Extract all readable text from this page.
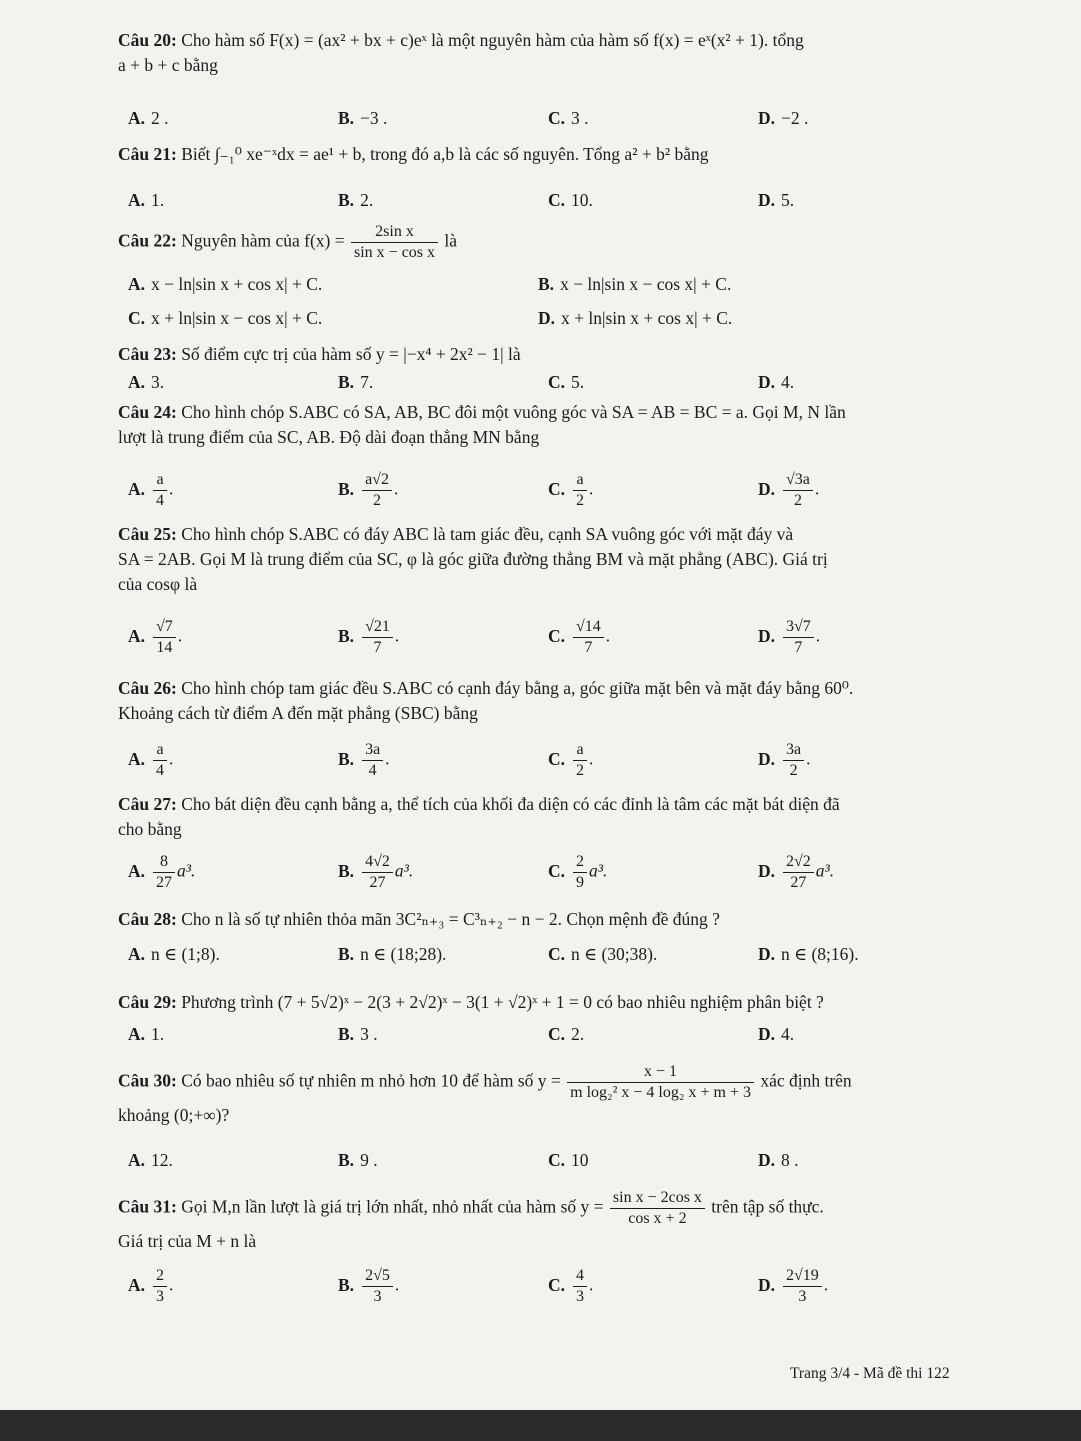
Câu 20: Cho hàm số F(x) = (ax² + bx + c)eˣ là một nguyên hàm của hàm số f(x) = eˣ(x² + 1). tổng
a + b + c bằng
A. 2 .	B. −3 .	C. 3 .	D. −2 .
Câu 21: Biết ∫₋₁⁰ xe⁻ˣdx = ae¹ + b, trong đó a,b là các số nguyên. Tổng a² + b² bằng
A. 1.	B. 2.	C. 10.	D. 5.
Câu 22: Nguyên hàm của $f(x) = \frac{\text{2sin x}}{\text{sin x − cos x}}$ là
A. x − ln|sin x + cos x| + C.	B. x − ln|sin x − cos x| + C.
C. x + ln|sin x − cos x| + C.	D. x + ln|sin x + cos x| + C.
Câu 23: Số điểm cực trị của hàm số y = |−x⁴ + 2x² − 1| là
A. 3.	B. 7.	C. 5.	D. 4.
Câu 24: Cho hình chóp S.ABC có SA, AB, BC đôi một vuông góc và SA = AB = BC = a. Gọi M, N lần
lượt là trung điểm của SC, AB. Độ dài đoạn thẳng MN bằng
A. $\frac{a}{4}$ .	B. $\frac{a√2}{2}$ .	C. $\frac{a}{2}$ .	D. $\frac{√3a}{2}$ .
Câu 25: Cho hình chóp S.ABC có đáy ABC là tam giác đều, cạnh SA vuông góc với mặt đáy và
SA = 2AB. Gọi M là trung điểm của SC, φ là góc giữa đường thẳng BM và mặt phẳng (ABC). Giá trị
của cosφ là
A. $\frac{√7}{14}$ .	B. $\frac{√21}{7}$ .	C. $\frac{√14}{7}$ .	D. $\frac{3√7}{7}$ .
Câu 26: Cho hình chóp tam giác đều S.ABC có cạnh đáy bằng a, góc giữa mặt bên và mặt đáy bằng 60⁰.
Khoảng cách từ điểm A đến mặt phẳng (SBC) bằng
A. $\frac{a}{4}$ .	B. $\frac{3a}{4}$ .	C. $\frac{a}{2}$ .	D. $\frac{3a}{2}$ .
Câu 27: Cho bát diện đều cạnh bằng a, thể tích của khối đa diện có các đỉnh là tâm các mặt bát diện đã
cho bằng
A. $\frac{8}{27} a^3$.	B. $\frac{4√2}{27} a^3$.	C. $\frac{2}{9} a^3$.	D. $\frac{2√2}{27} a^3$.
Câu 28: Cho n là số tự nhiên thỏa mãn 3C²ₙ₊₃ = C³ₙ₊₂ − n − 2. Chọn mệnh đề đúng ?
A. n ∈ (1;8).	B. n ∈ (18;28).	C. n ∈ (30;38).	D. n ∈ (8;16).
Câu 29: Phương trình (7 + 5√2)ˣ − 2(3 + 2√2)ˣ − 3(1 + √2)ˣ + 1 = 0 có bao nhiêu nghiệm phân biệt ?
A. 1.	B. 3 .	C. 2.	D. 4.
Câu 30: Có bao nhiêu số tự nhiên m nhỏ hơn 10 để hàm số $y = \frac{x - 1}{\text{m log₂² x − 4 log₂ x + m + 3}}$ xác định trên
khoảng (0;+∞)?
A. 12.	B. 9 .	C. 10	D. 8 .
Câu 31: Gọi M,n lần lượt là giá trị lớn nhất, nhỏ nhất của hàm số $y = \frac{\text{sin x − 2cos x}}{\text{cos x + 2}}$ trên tập số thực.
Giá trị của M + n là
A. $\frac{2}{3}$ .	B. $\frac{2√5}{3}$ .	C. $\frac{4}{3}$ .	D. $\frac{2√19}{3}$ .
Trang 3/4 - Mã đề thi 122
